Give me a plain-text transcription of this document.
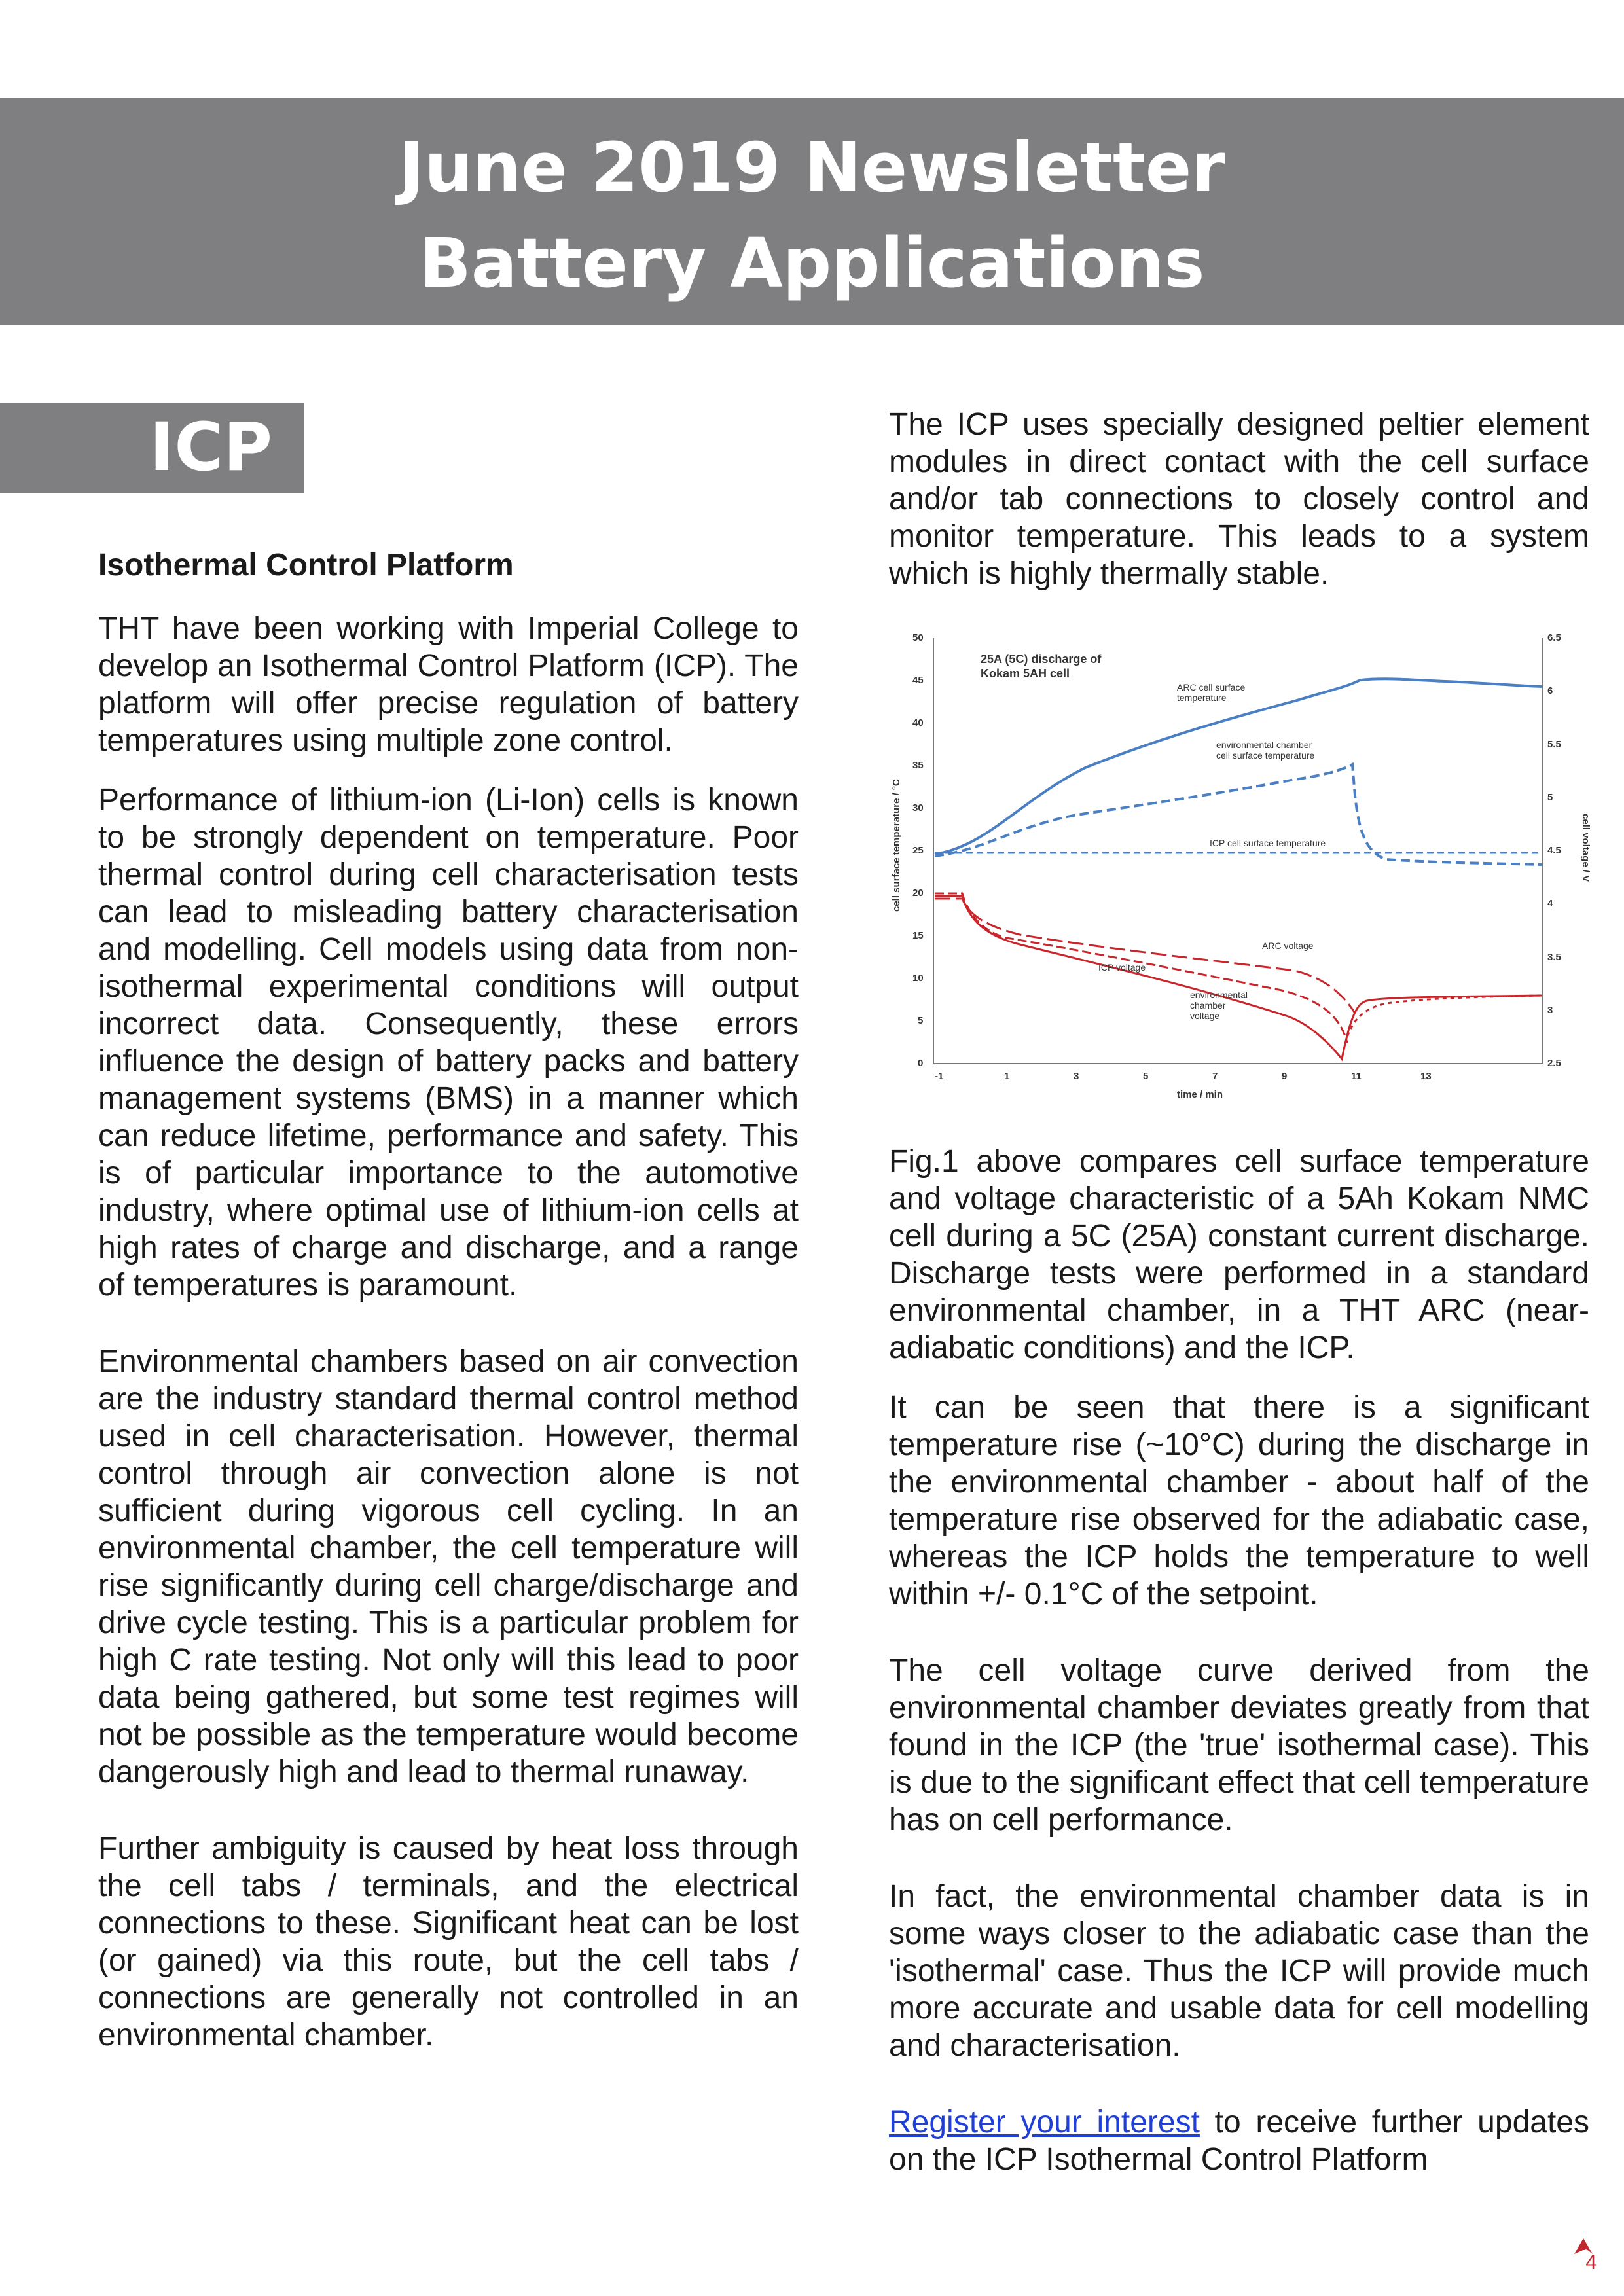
June 2019 Newsletter
Battery Applications
ICP

Isothermal Control Platform

THT have been working with Imperial College to develop an Isothermal Control Platform (ICP). The platform will offer precise regulation of battery temperatures using multiple zone control.

Performance of lithium-ion (Li-Ion) cells is known to be strongly dependent on temperature. Poor thermal control during cell characterisation tests can lead to misleading battery characterisation and modelling. Cell models using data from non-isothermal experimental conditions will output incorrect data. Consequently, these errors influence the design of battery packs and battery management systems (BMS) in a manner which can reduce lifetime, performance and safety. This is of particular importance to the automotive industry, where optimal use of lithium-ion cells at high rates of charge and discharge, and a range of temperatures is paramount.

Environmental chambers based on air convection are the industry standard thermal control method used in cell characterisation. However, thermal control through air convection alone is not sufficient during vigorous cell cycling. In an environmental chamber, the cell temperature will rise significantly during cell charge/discharge and drive cycle testing. This is a particular problem for high C rate testing. Not only will this lead to poor data being gathered, but some test regimes will not be possible as the temperature would become dangerously high and lead to thermal runaway.

Further ambiguity is caused by heat loss through the cell tabs / terminals, and the electrical connections to these. Significant heat can be lost (or gained) via this route, but the cell tabs / connections are generally not controlled in an environmental chamber.

The ICP uses specially designed peltier element modules in direct contact with the cell surface and/or tab connections to closely control and monitor temperature. This leads to a system which is highly thermally stable.

0
5
10
15
20
25
30
35
40
45
50
2.5
3
3.5
4
4.5
5
5.5
6
6.5
-1	1	3	5	7	9	11	13
time / min
cell surface temperature / °C	cell voltage / V
25A (5C) discharge of
Kokam 5AH cell
ARC cell surface
temperature
environmental chamber
cell surface temperature
ICP cell surface temperature
ARC voltage
ICP voltage
environmental
chamber
voltage

Fig.1 above compares cell surface temperature and voltage characteristic of a 5Ah Kokam NMC cell during a 5C (25A) constant current discharge. Discharge tests were performed in a standard environmental chamber, in a THT ARC (near-adiabatic conditions) and the ICP.

It can be seen that there is a significant temperature rise (~10°C) during the discharge in the environmental chamber - about half of the temperature rise observed for the adiabatic case, whereas the ICP holds the temperature to well within +/- 0.1°C of the setpoint.

The cell voltage curve derived from the environmental chamber deviates greatly from that found in the ICP (the 'true' isothermal case). This is due to the significant effect that cell temperature has on cell performance.

In fact, the environmental chamber data is in some ways closer to the adiabatic case than the 'isothermal' case. Thus the ICP will provide much more accurate and usable data for cell modelling and characterisation.

Register your interest to receive further updates on the ICP Isothermal Control Platform

4
